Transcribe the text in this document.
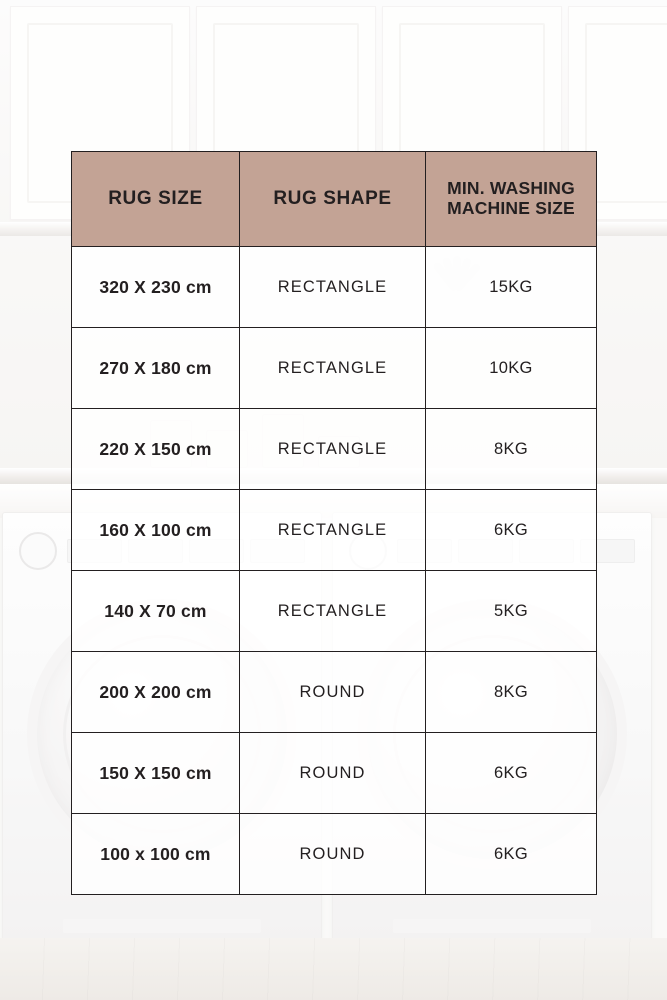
RUG SIZE	RUG SHAPE	MIN. WASHING MACHINE SIZE
320 X 230 cm	RECTANGLE	15KG
270 X 180 cm	RECTANGLE	10KG
220 X 150 cm	RECTANGLE	8KG
160 X 100 cm	RECTANGLE	6KG
140 X 70 cm	RECTANGLE	5KG
200 X 200 cm	ROUND	8KG
150 X 150 cm	ROUND	6KG
100 x 100 cm	ROUND	6KG
